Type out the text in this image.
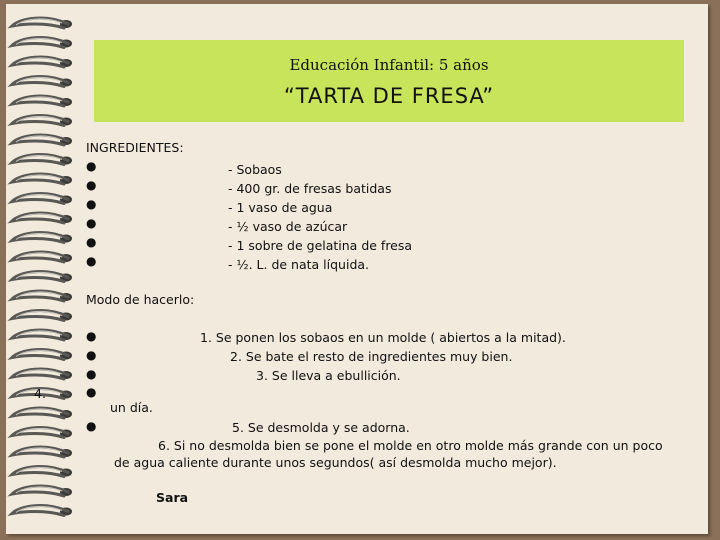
Educación Infantil: 5 años
“TARTA DE FRESA”
INGREDIENTES:
●
●
●
●
●
●
- Sobaos
- 400 gr. de fresas batidas
- 1 vaso de agua
- ½ vaso de azúcar
- 1 sobre de gelatina de fresa
- ½. L. de nata líquida.
Modo de hacerlo:
●
●
●
●
●
1. Se ponen los sobaos en un molde ( abiertos a la mitad).
2. Se bate el resto de ingredientes muy bien.
3. Se lleva a ebullición.
4.
un día.
5. Se desmolda y se adorna.
6. Si no desmolda bien se pone el molde en otro molde más grande con un poco
de agua caliente durante unos segundos( así desmolda mucho mejor).
Sara
